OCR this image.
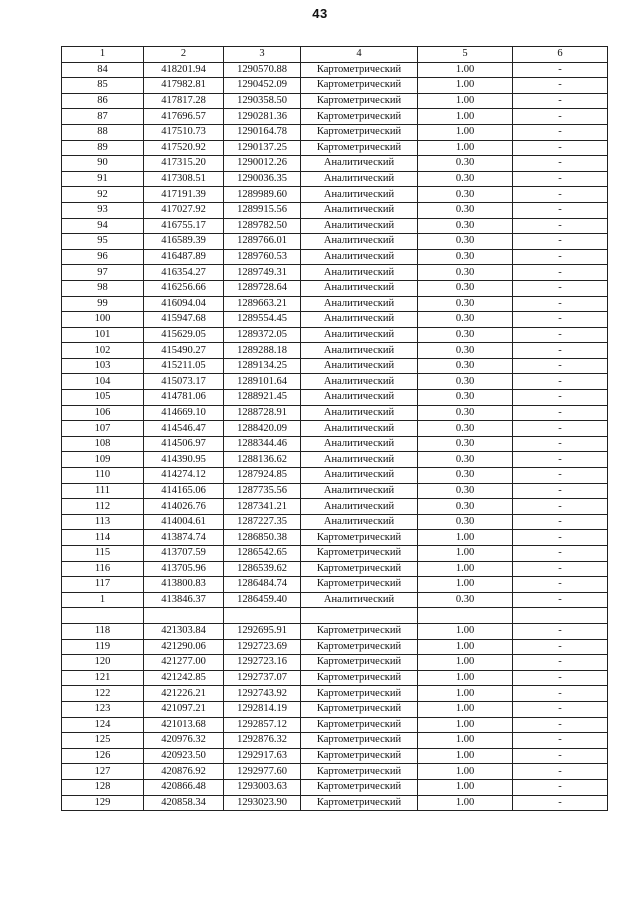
43
1	2	3	4	5	6
84	418201.94	1290570.88	Картометрический	1.00	-
85	417982.81	1290452.09	Картометрический	1.00	-
86	417817.28	1290358.50	Картометрический	1.00	-
87	417696.57	1290281.36	Картометрический	1.00	-
88	417510.73	1290164.78	Картометрический	1.00	-
89	417520.92	1290137.25	Картометрический	1.00	-
90	417315.20	1290012.26	Аналитический	0.30	-
91	417308.51	1290036.35	Аналитический	0.30	-
92	417191.39	1289989.60	Аналитический	0.30	-
93	417027.92	1289915.56	Аналитический	0.30	-
94	416755.17	1289782.50	Аналитический	0.30	-
95	416589.39	1289766.01	Аналитический	0.30	-
96	416487.89	1289760.53	Аналитический	0.30	-
97	416354.27	1289749.31	Аналитический	0.30	-
98	416256.66	1289728.64	Аналитический	0.30	-
99	416094.04	1289663.21	Аналитический	0.30	-
100	415947.68	1289554.45	Аналитический	0.30	-
101	415629.05	1289372.05	Аналитический	0.30	-
102	415490.27	1289288.18	Аналитический	0.30	-
103	415211.05	1289134.25	Аналитический	0.30	-
104	415073.17	1289101.64	Аналитический	0.30	-
105	414781.06	1288921.45	Аналитический	0.30	-
106	414669.10	1288728.91	Аналитический	0.30	-
107	414546.47	1288420.09	Аналитический	0.30	-
108	414506.97	1288344.46	Аналитический	0.30	-
109	414390.95	1288136.62	Аналитический	0.30	-
110	414274.12	1287924.85	Аналитический	0.30	-
111	414165.06	1287735.56	Аналитический	0.30	-
112	414026.76	1287341.21	Аналитический	0.30	-
113	414004.61	1287227.35	Аналитический	0.30	-
114	413874.74	1286850.38	Картометрический	1.00	-
115	413707.59	1286542.65	Картометрический	1.00	-
116	413705.96	1286539.62	Картометрический	1.00	-
117	413800.83	1286484.74	Картометрический	1.00	-
1	413846.37	1286459.40	Аналитический	0.30	-

118	421303.84	1292695.91	Картометрический	1.00	-
119	421290.06	1292723.69	Картометрический	1.00	-
120	421277.00	1292723.16	Картометрический	1.00	-
121	421242.85	1292737.07	Картометрический	1.00	-
122	421226.21	1292743.92	Картометрический	1.00	-
123	421097.21	1292814.19	Картометрический	1.00	-
124	421013.68	1292857.12	Картометрический	1.00	-
125	420976.32	1292876.32	Картометрический	1.00	-
126	420923.50	1292917.63	Картометрический	1.00	-
127	420876.92	1292977.60	Картометрический	1.00	-
128	420866.48	1293003.63	Картометрический	1.00	-
129	420858.34	1293023.90	Картометрический	1.00	-
